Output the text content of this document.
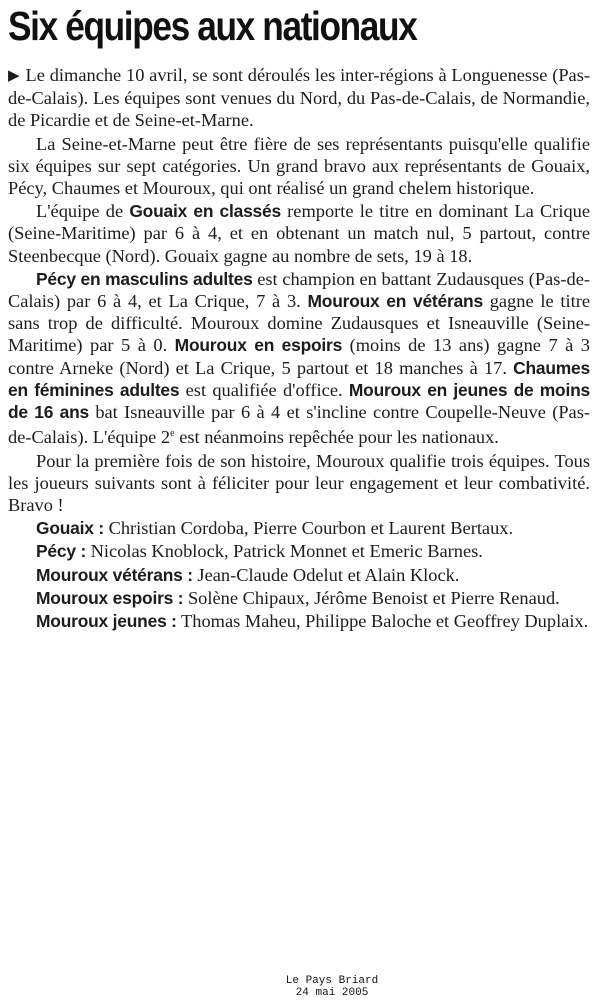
Six équipes aux nationaux

▶ Le dimanche 10 avril, se sont déroulés les inter-régions à Longuenesse (Pas-de-Calais). Les équipes sont venues du Nord, du Pas-de-Calais, de Normandie, de Picardie et de Seine-et-Marne.

La Seine-et-Marne peut être fière de ses représentants puisqu'elle qualifie six équipes sur sept catégories. Un grand bravo aux représentants de Gouaix, Pécy, Chaumes et Mouroux, qui ont réalisé un grand chelem historique.

L'équipe de Gouaix en classés remporte le titre en dominant La Crique (Seine-Maritime) par 6 à 4, et en obtenant un match nul, 5 partout, contre Steenbecque (Nord). Gouaix gagne au nombre de sets, 19 à 18.

Pécy en masculins adultes est champion en battant Zudausques (Pas-de-Calais) par 6 à 4, et La Crique, 7 à 3. Mouroux en vétérans gagne le titre sans trop de difficulté. Mouroux domine Zudausques et Isneauville (Seine-Maritime) par 5 à 0. Mouroux en espoirs (moins de 13 ans) gagne 7 à 3 contre Arneke (Nord) et La Crique, 5 partout et 18 manches à 17. Chaumes en féminines adultes est qualifiée d'office. Mouroux en jeunes de moins de 16 ans bat Isneauville par 6 à 4 et s'incline contre Coupelle-Neuve (Pas-de-Calais). L'équipe 2e est néanmoins repêchée pour les nationaux.

Pour la première fois de son histoire, Mouroux qualifie trois équipes. Tous les joueurs suivants sont à féliciter pour leur engagement et leur combativité. Bravo !

Gouaix : Christian Cordoba, Pierre Courbon et Laurent Bertaux.

Pécy : Nicolas Knoblock, Patrick Monnet et Emeric Barnes.

Mouroux vétérans : Jean-Claude Odelut et Alain Klock.

Mouroux espoirs : Solène Chipaux, Jérôme Benoist et Pierre Renaud.

Mouroux jeunes : Thomas Maheu, Philippe Baloche et Geoffrey Duplaix.

Le Pays Briard
24 mai 2005
